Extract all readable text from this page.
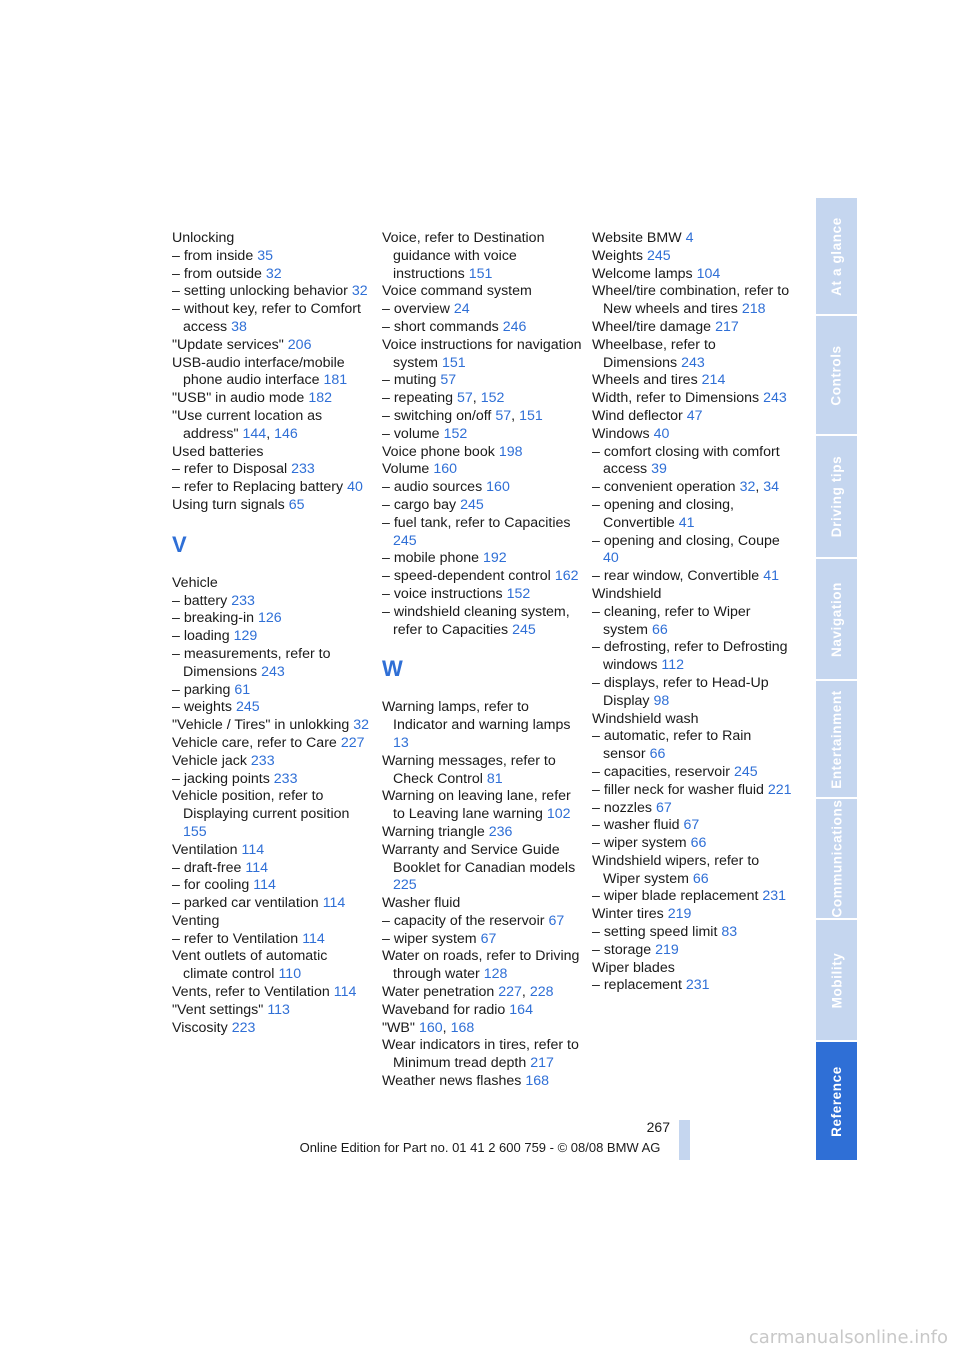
Unlocking
– from inside 35
– from outside 32
– setting unlocking behavior 32
– without key, refer to Comfort access 38
"Update services" 206
USB-audio interface/mobile phone audio interface 181
"USB" in audio mode 182
"Use current location as address" 144, 146
Used batteries
– refer to Disposal 233
– refer to Replacing battery 40
Using turn signals 65
V
Vehicle
– battery 233
– breaking-in 126
– loading 129
– measurements, refer to Dimensions 243
– parking 61
– weights 245
"Vehicle / Tires" in unlokking 32
Vehicle care, refer to Care 227
Vehicle jack 233
– jacking points 233
Vehicle position, refer to Displaying current position155
Ventilation 114
– draft-free 114
– for cooling 114
– parked car ventilation 114
Venting
– refer to Ventilation 114
Vent outlets of automatic climate control 110
Vents, refer to Ventilation 114
"Vent settings" 113
Viscosity 223
Voice, refer to Destination guidance with voice instructions 151
Voice command system
– overview 24
– short commands 246
Voice instructions for navigation system 151
– muting 57
– repeating 57, 152
– switching on/off 57, 151
– volume 152
Voice phone book 198
Volume 160
– audio sources 160
– cargo bay 245
– fuel tank, refer to Capacities245
– mobile phone 192
– speed-dependent control 162
– voice instructions 152
– windshield cleaning system, refer to Capacities 245
W
Warning lamps, refer to Indicator and warning lamps13
Warning messages, refer to Check Control 81
Warning on leaving lane, refer to Leaving lane warning 102
Warning triangle 236
Warranty and Service Guide Booklet for Canadian models225
Washer fluid
– capacity of the reservoir 67
– wiper system 67
Water on roads, refer to Driving through water 128
Water penetration 227, 228
Waveband for radio 164
"WB" 160, 168
Wear indicators in tires, refer to Minimum tread depth 217
Weather news flashes 168
Website BMW 4
Weights 245
Welcome lamps 104
Wheel/tire combination, refer to New wheels and tires 218
Wheel/tire damage 217
Wheelbase, refer to Dimensions 243
Wheels and tires 214
Width, refer to Dimensions 243
Wind deflector 47
Windows 40
– comfort closing with comfort access 39
– convenient operation 32, 34
– opening and closing, Convertible 41
– opening and closing, Coupe40
– rear window, Convertible 41
Windshield
– cleaning, refer to Wiper system 66
– defrosting, refer to Defrosting windows 112
– displays, refer to Head-Up Display 98
Windshield wash
– automatic, refer to Rain sensor 66
– capacities, reservoir 245
– filler neck for washer fluid 221
– nozzles 67
– washer fluid 67
– wiper system 66
Windshield wipers, refer to Wiper system 66
– wiper blade replacement 231
Winter tires 219
– setting speed limit 83
– storage 219
Wiper blades
– replacement 231
At a glance
Controls
Driving tips
Navigation
Entertainment
Communications
Mobility
Reference
267
Online Edition for Part no. 01 41 2 600 759 - © 08/08 BMW AG
carmanualsonline.info
